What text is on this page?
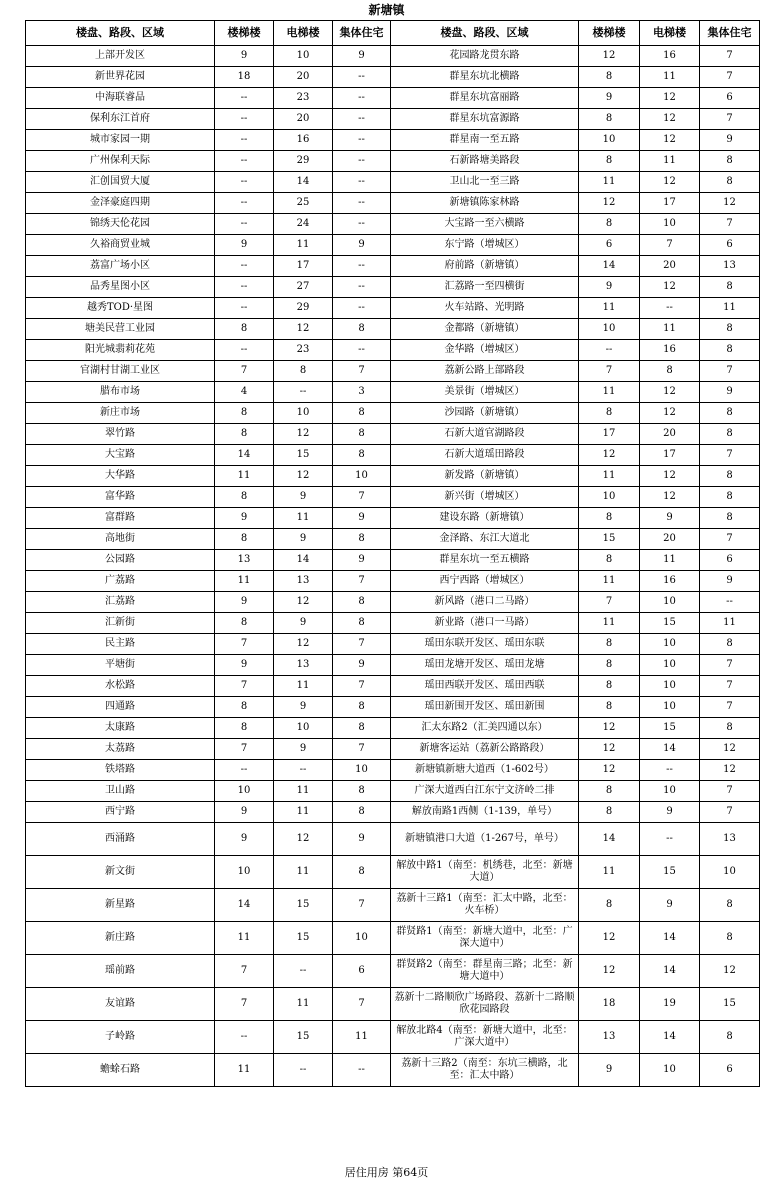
新塘镇
楼盘、路段、区域	楼梯楼	电梯楼	集体住宅	楼盘、路段、区域	楼梯楼	电梯楼	集体住宅
上部开发区	9	10	9	花园路龙贯东路	12	16	7
新世界花园	18	20	--	群星东坑北横路	8	11	7
中海联睿品	--	23	--	群星东坑富丽路	9	12	6
保利东江首府	--	20	--	群星东坑富源路	8	12	7
城市家园一期	--	16	--	群星南一至五路	10	12	9
广州保利天际	--	29	--	石新路塘美路段	8	11	8
汇创国贸大厦	--	14	--	卫山北一至三路	11	12	8
金泽豪庭四期	--	25	--	新塘镇陈家林路	12	17	12
锦绣天伦花园	--	24	--	大宝路一至六横路	8	10	7
久裕商贸业城	9	11	9	东宁路（增城区）	6	7	6
荔富广场小区	--	17	--	府前路（新塘镇）	14	20	13
品秀星图小区	--	27	--	汇荔路一至四横街	9	12	8
越秀TOD·星图	--	29	--	火车站路、光明路	11	--	11
塘美民营工业园	8	12	8	金都路（新塘镇）	10	11	8
阳光城翡莉花苑	--	23	--	金华路（增城区）	--	16	8
官湖村甘湖工业区	7	8	7	荔新公路上部路段	7	8	7
腊布市场	4	--	3	美景街（增城区）	11	12	9
新庄市场	8	10	8	沙园路（新塘镇）	8	12	8
翠竹路	8	12	8	石新大道官湖路段	17	20	8
大宝路	14	15	8	石新大道瑶田路段	12	17	7
大华路	11	12	10	新发路（新塘镇）	11	12	8
富华路	8	9	7	新兴街（增城区）	10	12	8
富群路	9	11	9	建设东路（新塘镇）	8	9	8
高地街	8	9	8	金泽路、东江大道北	15	20	7
公园路	13	14	9	群星东坑一至五横路	8	11	6
广荔路	11	13	7	西宁西路（增城区）	11	16	9
汇荔路	9	12	8	新风路（港口二马路）	7	10	--
汇新街	8	9	8	新业路（港口一马路）	11	15	11
民主路	7	12	7	瑶田东联开发区、瑶田东联	8	10	8
平塘街	9	13	9	瑶田龙塘开发区、瑶田龙塘	8	10	7
水松路	7	11	7	瑶田西联开发区、瑶田西联	8	10	7
四通路	8	9	8	瑶田新围开发区、瑶田新围	8	10	7
太康路	8	10	8	汇太东路2（汇美四通以东）	12	15	8
太荔路	7	9	7	新塘客运站（荔新公路路段）	12	14	12
铁塔路	--	--	10	新塘镇新塘大道西（1-602号）	12	--	12
卫山路	10	11	8	广深大道西白江东宁文济岭二排	8	10	7
西宁路	9	11	8	解放南路1西侧（1-139，单号）	8	9	7
西涌路	9	12	9	新塘镇港口大道（1-267号，单号）	14	--	13
新文街	10	11	8	解放中路1（南至：机绣巷，北至：新塘大道）	11	15	10
新星路	14	15	7	荔新十三路1（南至：汇太中路，北至：火车桥）	8	9	8
新庄路	11	15	10	群贤路1（南至：新塘大道中，北至：广深大道中）	12	14	8
瑶前路	7	--	6	群贤路2（南至：群星南三路；北至：新塘大道中）	12	14	12
友谊路	7	11	7	荔新十二路顺欣广场路段、荔新十二路顺欣花园路段	18	19	15
子岭路	--	15	11	解放北路4（南至：新塘大道中，北至：广深大道中）	13	14	8
蟾蜍石路	11	--	--	荔新十三路2（南至：东坑三横路，北至：汇太中路）	9	10	6
居住用房 第64页
